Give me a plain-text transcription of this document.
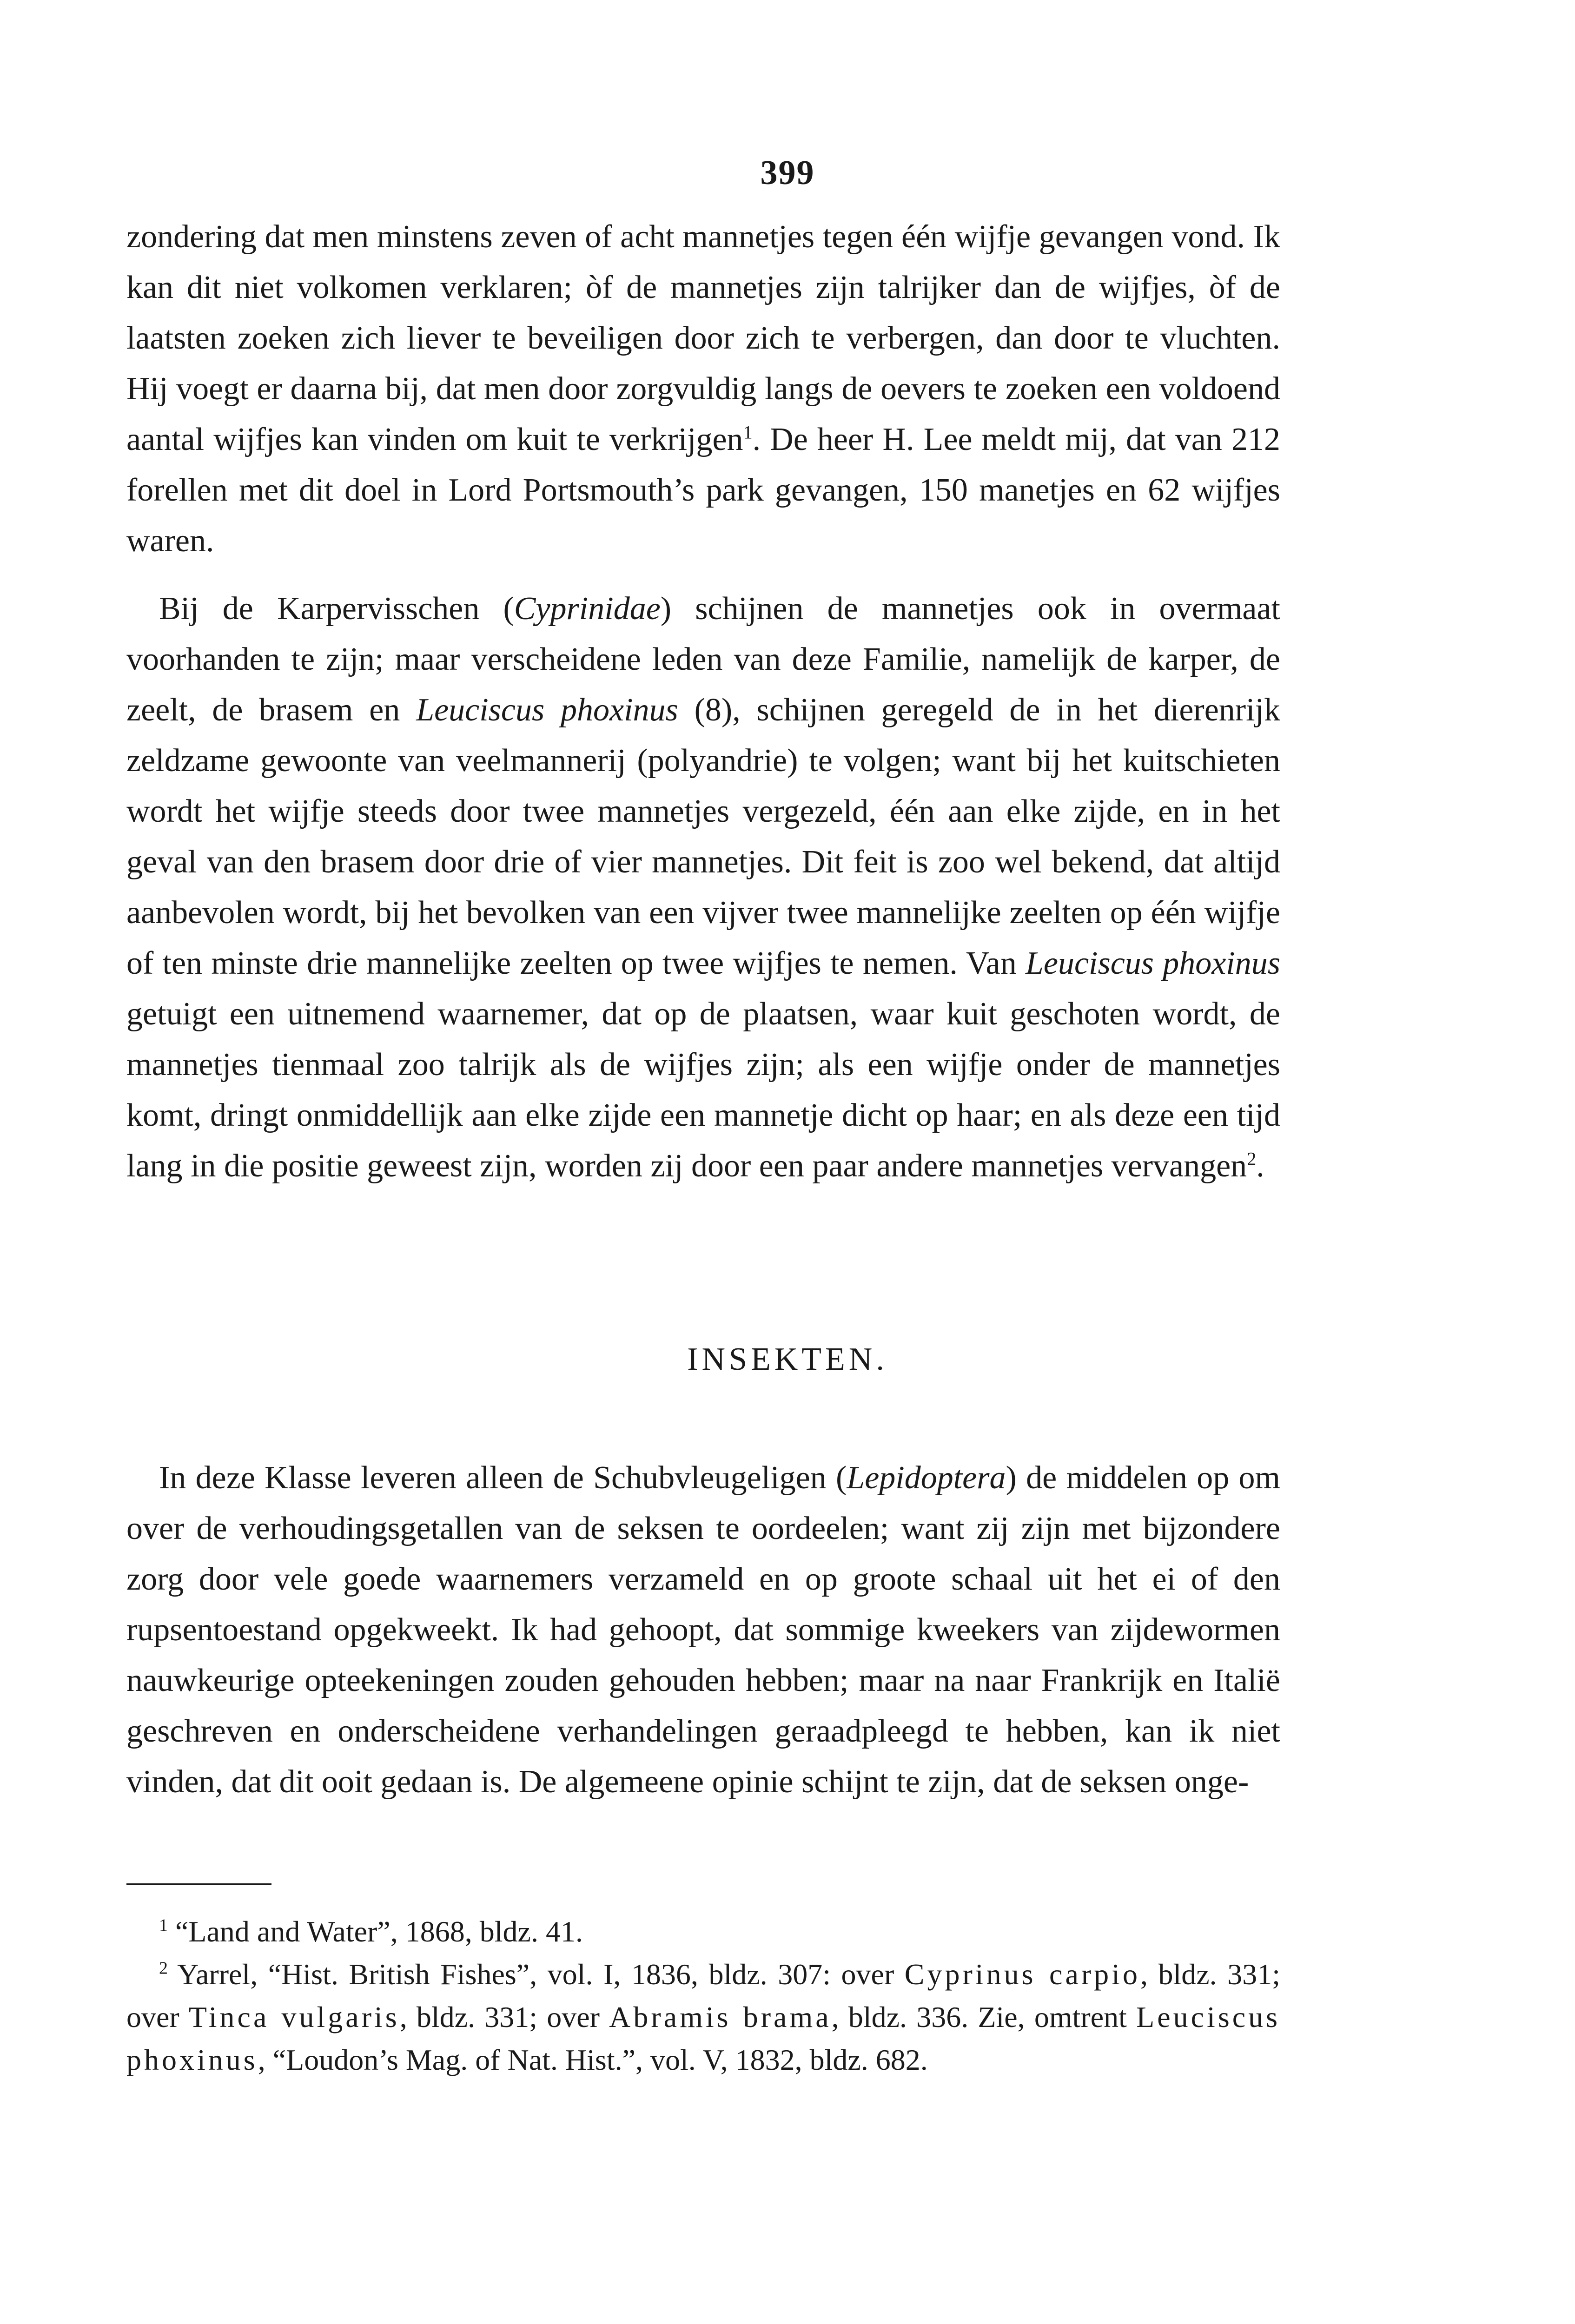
399

zondering dat men minstens zeven of acht mannetjes tegen één wijfje gevangen vond. Ik kan dit niet volkomen verklaren; òf de mannetjes zijn talrijker dan de wijfjes, òf de laatsten zoeken zich liever te beveiligen door zich te verbergen, dan door te vluchten. Hij voegt er daarna bij, dat men door zorgvuldig langs de oevers te zoeken een voldoend aantal wijfjes kan vinden om kuit te verkrijgen$^1$. De heer H. Lee meldt mij, dat van 212 forellen met dit doel in Lord Portsmouth’s park gevangen, 150 manetjes en 62 wijfjes waren.

Bij de Karpervisschen (Cyprinidae) schijnen de mannetjes ook in overmaat voorhanden te zijn; maar verscheidene leden van deze Familie, namelijk de karper, de zeelt, de brasem en Leuciscus phoxinus (8), schijnen geregeld de in het dierenrijk zeldzame gewoonte van veelmannerij (polyandrie) te volgen; want bij het kuitschieten wordt het wijfje steeds door twee mannetjes vergezeld, één aan elke zijde, en in het geval van den brasem door drie of vier mannetjes. Dit feit is zoo wel bekend, dat altijd aanbevolen wordt, bij het bevolken van een vijver twee mannelijke zeelten op één wijfje of ten minste drie mannelijke zeelten op twee wijfjes te nemen. Van Leuciscus phoxinus getuigt een uitnemend waarnemer, dat op de plaatsen, waar kuit geschoten wordt, de mannetjes tienmaal zoo talrijk als de wijfjes zijn; als een wijfje onder de mannetjes komt, dringt onmiddellijk aan elke zijde een mannetje dicht op haar; en als deze een tijd lang in die positie geweest zijn, worden zij door een paar andere mannetjes vervangen$^2$.

INSEKTEN.

In deze Klasse leveren alleen de Schubvleugeligen (Lepidoptera) de middelen op om over de verhoudingsgetallen van de seksen te oordeelen; want zij zijn met bijzondere zorg door vele goede waarnemers verzameld en op groote schaal uit het ei of den rupsentoestand opgekweekt. Ik had gehoopt, dat sommige kweekers van zijdewormen nauwkeurige opteekeningen zouden gehouden hebben; maar na naar Frankrijk en Italië geschreven en onderscheidene verhandelingen geraadpleegd te hebben, kan ik niet vinden, dat dit ooit gedaan is. De algemeene opinie schijnt te zijn, dat de seksen onge-

$^1$ “Land and Water”, 1868, bldz. 41.

$^2$ Yarrel, “Hist. British Fishes”, vol. I, 1836, bldz. 307: over Cyprinus carpio, bldz. 331; over Tinca vulgaris, bldz. 331; over Abramis brama, bldz. 336. Zie, omtrent Leuciscus phoxinus, “Loudon’s Mag. of Nat. Hist.”, vol. V, 1832, bldz. 682.
